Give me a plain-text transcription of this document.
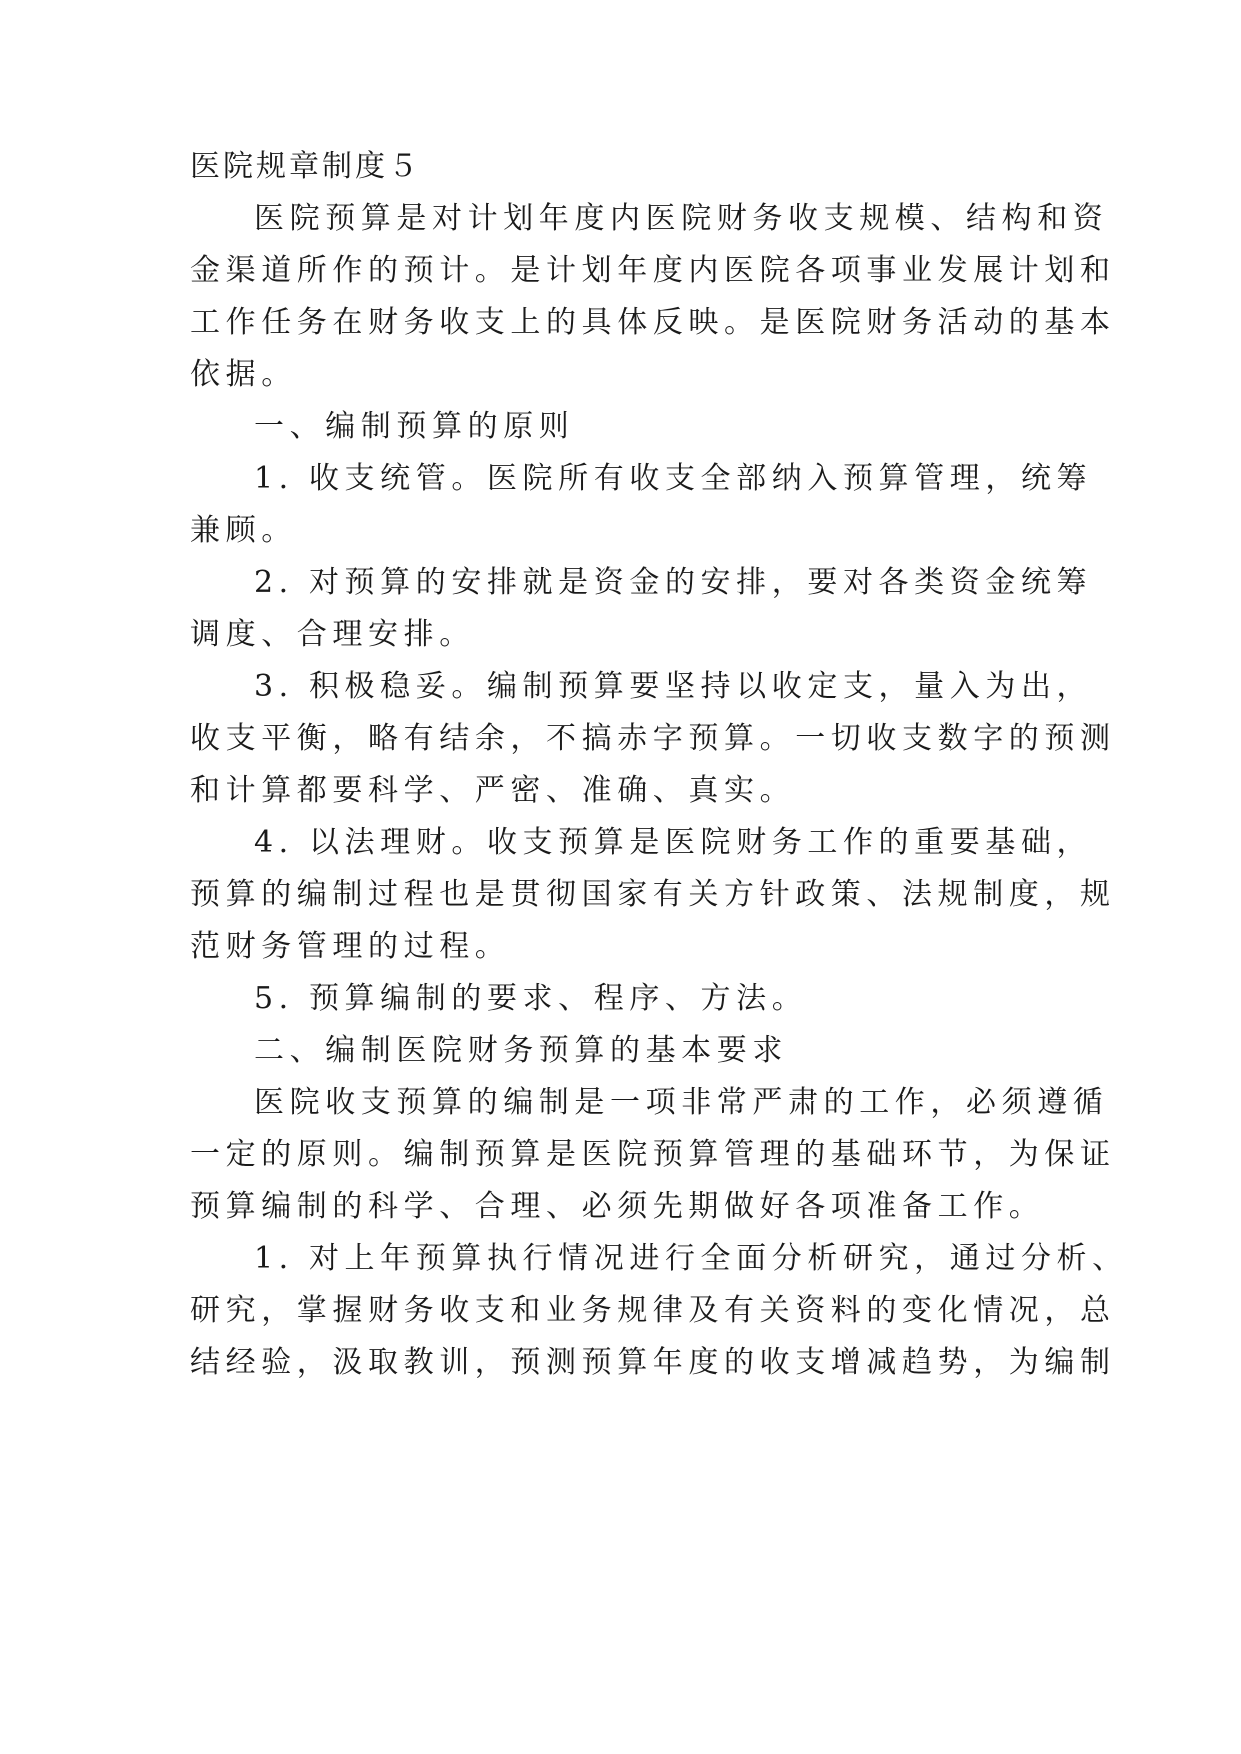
医院规章制度５
医院预算是对计划年度内医院财务收支规模、结构和资
金渠道所作的预计。是计划年度内医院各项事业发展计划和
工作任务在财务收支上的具体反映。是医院财务活动的基本
依据。
一、编制预算的原则
1. 收支统管。医院所有收支全部纳入预算管理，统筹
兼顾。
2. 对预算的安排就是资金的安排，要对各类资金统筹
调度、合理安排。
3. 积极稳妥。编制预算要坚持以收定支，量入为出，
收支平衡，略有结余，不搞赤字预算。一切收支数字的预测
和计算都要科学、严密、准确、真实。
4. 以法理财。收支预算是医院财务工作的重要基础，
预算的编制过程也是贯彻国家有关方针政策、法规制度，规
范财务管理的过程。
5. 预算编制的要求、程序、方法。
二、编制医院财务预算的基本要求
医院收支预算的编制是一项非常严肃的工作，必须遵循
一定的原则。编制预算是医院预算管理的基础环节，为保证
预算编制的科学、合理、必须先期做好各项准备工作。
1. 对上年预算执行情况进行全面分析研究，通过分析、
研究，掌握财务收支和业务规律及有关资料的变化情况，总
结经验，汲取教训，预测预算年度的收支增减趋势，为编制
